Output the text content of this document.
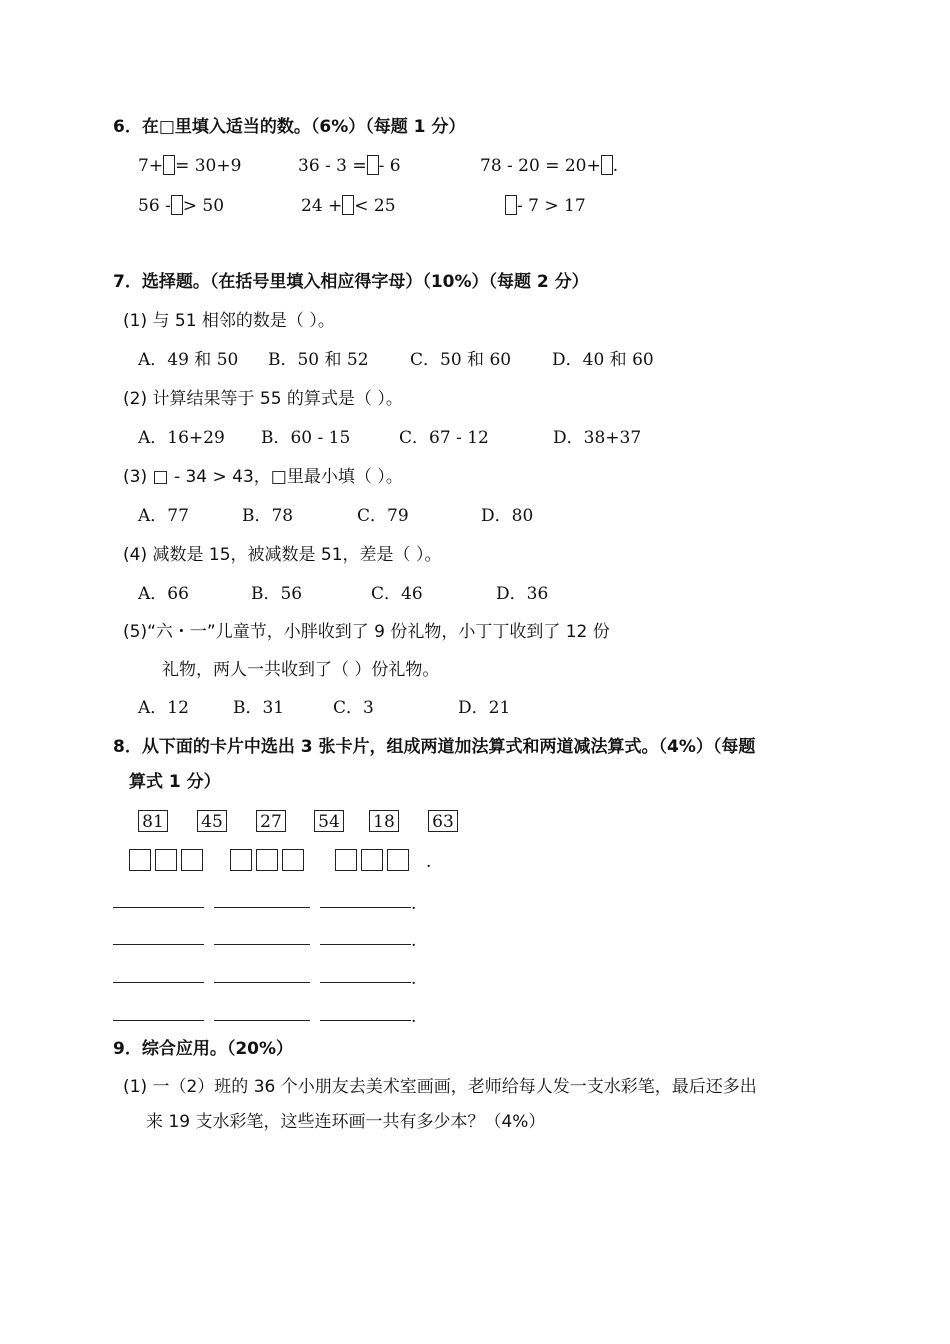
6．在□里填入适当的数。（6%）（每题 1 分）
7+ = 30+9	36 - 3 = - 6	78 - 20 = 20+ .
56 - > 50	24 + < 25	- 7 > 17
7．选择题。（在括号里填入相应得字母）（10%）（每题 2 分）
(1) 与 51 相邻的数是（ ）。
A．49 和 50 B．50 和 52 C．50 和 60 D．40 和 60
(2) 计算结果等于 55 的算式是（ ）。
A．16+29 B．60 - 15	C．67 - 12	D．38+37
(3) □ - 34 > 43，□里最小填（ ）。
A．77	B．78	C．79	D．80
(4) 减数是 15，被减数是 51，差是（ ）。
A．66	B．56	C．46	D．36
(5)“六・一”儿童节，小胖收到了 9 份礼物，小丁丁收到了 12 份
礼物，两人一共收到了（ ）份礼物。
A．12	B．31	C．3	D．21
8．从下面的卡片中选出 3 张卡片，组成两道加法算式和两道减法算式。（4%）（每题
算式 1 分）
81 45 27 54 18 63
.
.
.
.
.
9．综合应用。（20%）
(1) 一（2）班的 36 个小朋友去美术室画画，老师给每人发一支水彩笔，最后还多出
来 19 支水彩笔，这些连环画一共有多少本？（4%）
